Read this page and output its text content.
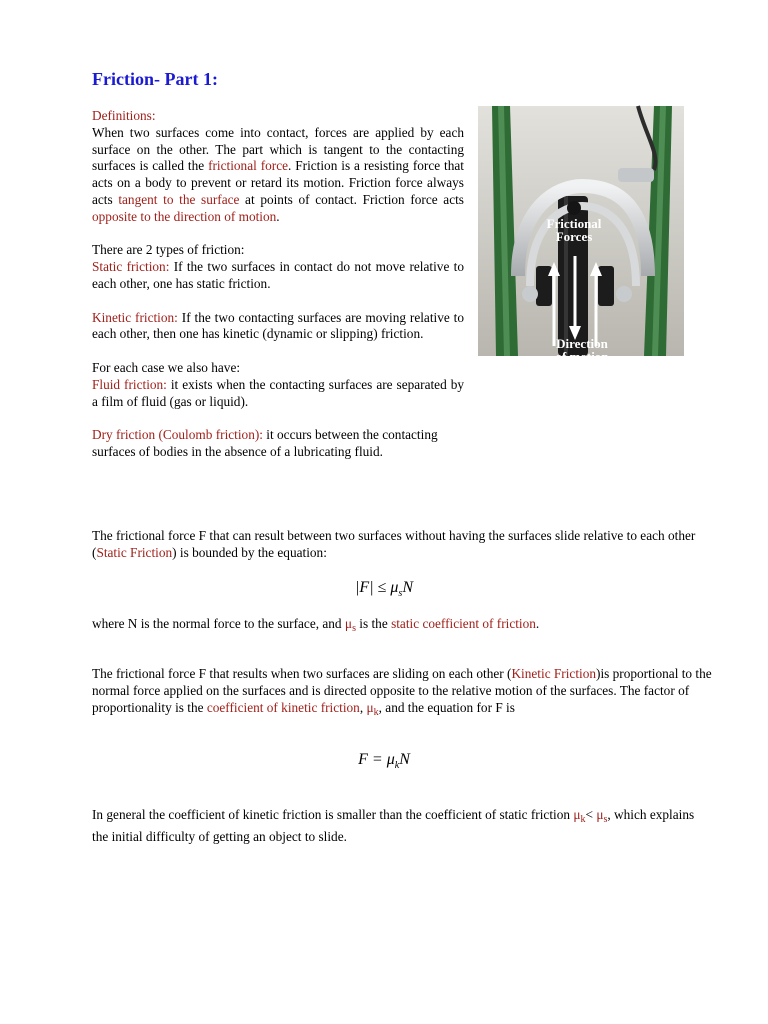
Friction- Part 1:

Definitions:

When two surfaces come into contact, forces are applied by each surface on the other. The part which is tangent to the contacting surfaces is called the frictional force. Friction is a resisting force that acts on a body to prevent or retard its motion. Friction force always acts tangent to the surface at points of contact. Friction force acts opposite to the direction of motion.

There are 2 types of friction:

Static friction: If the two surfaces in contact do not move relative to each other, one has static friction.

Kinetic friction: If the two contacting surfaces are moving relative to each other, then one has kinetic (dynamic or slipping) friction.

For each case we also have:

Fluid friction: it exists when the contacting surfaces are separated by a film of fluid (gas or liquid).

Dry friction (Coulomb friction): it occurs between the contacting surfaces of bodies in the absence of a lubricating fluid.

Frictional
Forces
Direction
of motion

The frictional force F that can result between two surfaces without having the surfaces slide relative to each other (Static Friction) is bounded by the equation:

$|F| \le \mu_sN$

where N is the normal force to the surface, and $\mu_s$ is the static coefficient of friction.

The frictional force F that results when two surfaces are sliding on each other (Kinetic Friction)is proportional to the normal force applied on the surfaces and is directed opposite to the relative motion of the surfaces. The factor of proportionality is the coefficient of kinetic friction, $\mu_k$, and the equation for F is

$F = \mu_kN$

In general the coefficient of kinetic friction is smaller than the coefficient of static friction $\mu_k< \mu_s$, which explains the initial difficulty of getting an object to slide.
